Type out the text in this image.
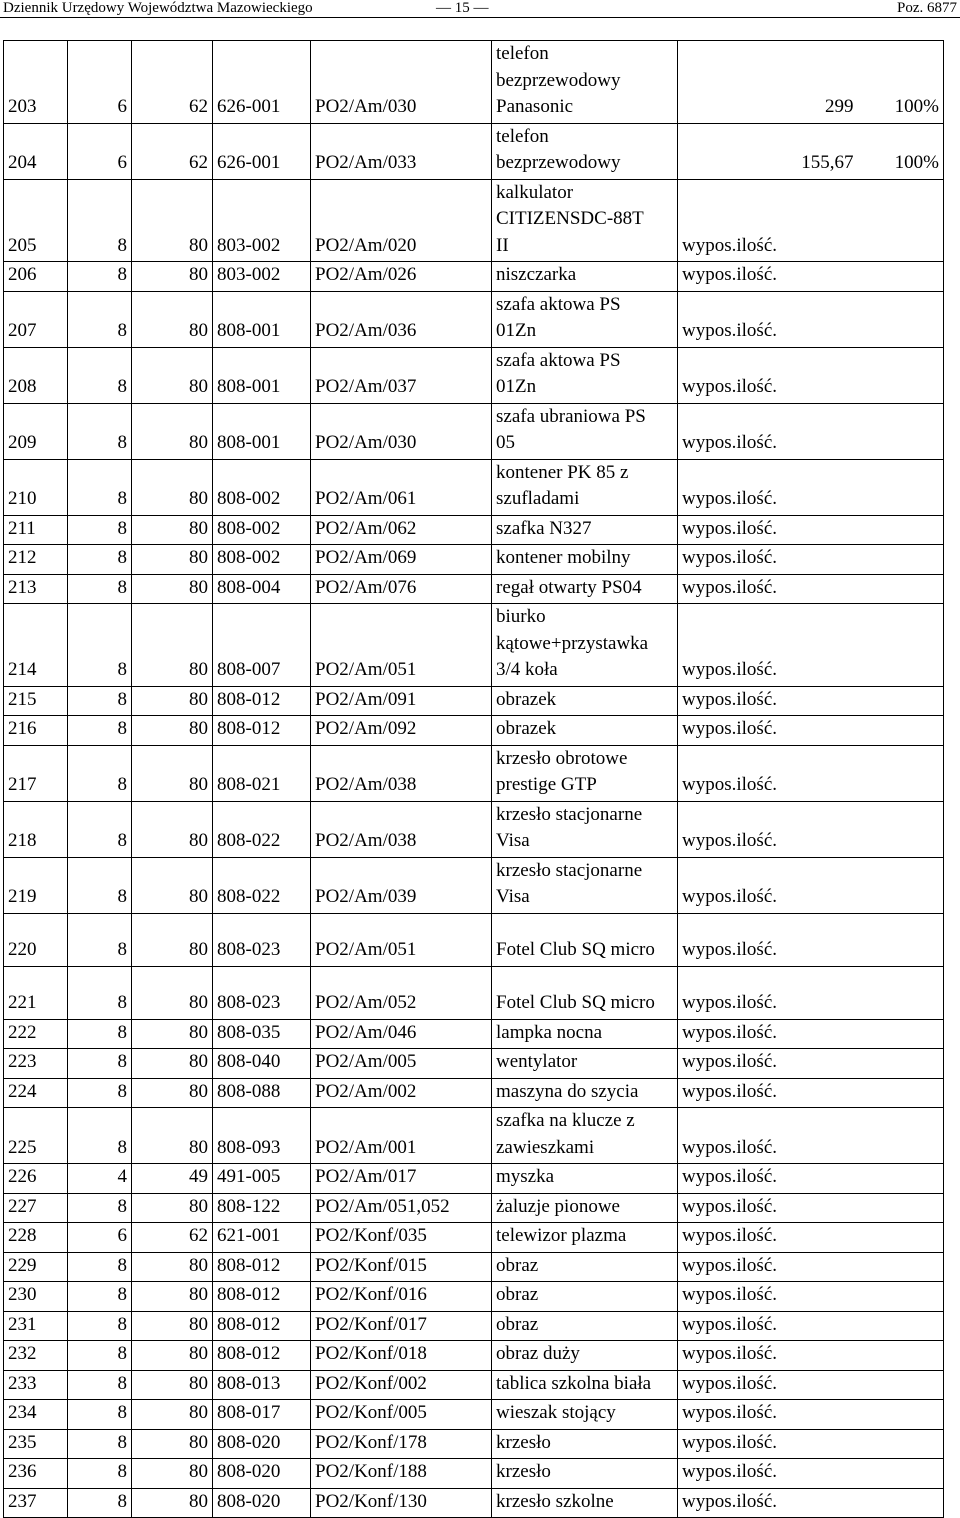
Dziennik Urzędowy Województwa Mazowieckiego	— 15 —	Poz. 6877
203	6	62	626-001	PO2/Am/030	telefon
bezprzewodowy
Panasonic	299 100%

204	6	62	626-001	PO2/Am/033	telefon
bezprzewodowy	155,67 100%

205	8	80	803-002	PO2/Am/020	kalkulator
CITIZENSDC-88T
II	wypos.ilość.

206	8	80	803-002	PO2/Am/026	niszczarka	wypos.ilość.

207	8	80	808-001	PO2/Am/036	szafa aktowa PS
01Zn	wypos.ilość.

208	8	80	808-001	PO2/Am/037	szafa aktowa PS
01Zn	wypos.ilość.

209	8	80	808-001	PO2/Am/030	szafa ubraniowa PS
05	wypos.ilość.

210	8	80	808-002	PO2/Am/061	kontener PK 85 z
szufladami	wypos.ilość.

211	8	80	808-002	PO2/Am/062	szafka N327	wypos.ilość.

212	8	80	808-002	PO2/Am/069	kontener mobilny	wypos.ilość.

213	8	80	808-004	PO2/Am/076	regał otwarty PS04	wypos.ilość.

214	8	80	808-007	PO2/Am/051	biurko
kątowe+przystawka
3/4 koła	wypos.ilość.

215	8	80	808-012	PO2/Am/091	obrazek	wypos.ilość.

216	8	80	808-012	PO2/Am/092	obrazek	wypos.ilość.

217	8	80	808-021	PO2/Am/038	krzesło obrotowe
prestige GTP	wypos.ilość.

218	8	80	808-022	PO2/Am/038	krzesło stacjonarne
Visa	wypos.ilość.

219	8	80	808-022	PO2/Am/039	krzesło stacjonarne
Visa	wypos.ilość.

220	8	80	808-023	PO2/Am/051	Fotel Club SQ micro	wypos.ilość.

221	8	80	808-023	PO2/Am/052	Fotel Club SQ micro	wypos.ilość.

222	8	80	808-035	PO2/Am/046	lampka nocna	wypos.ilość.

223	8	80	808-040	PO2/Am/005	wentylator	wypos.ilość.

224	8	80	808-088	PO2/Am/002	maszyna do szycia	wypos.ilość.

225	8	80	808-093	PO2/Am/001	szafka na klucze z
zawieszkami	wypos.ilość.

226	4	49	491-005	PO2/Am/017	myszka	wypos.ilość.

227	8	80	808-122	PO2/Am/051,052	żaluzje pionowe	wypos.ilość.

228	6	62	621-001	PO2/Konf/035	telewizor plazma	wypos.ilość.

229	8	80	808-012	PO2/Konf/015	obraz	wypos.ilość.

230	8	80	808-012	PO2/Konf/016	obraz	wypos.ilość.

231	8	80	808-012	PO2/Konf/017	obraz	wypos.ilość.

232	8	80	808-012	PO2/Konf/018	obraz duży	wypos.ilość.

233	8	80	808-013	PO2/Konf/002	tablica szkolna biała	wypos.ilość.

234	8	80	808-017	PO2/Konf/005	wieszak stojący	wypos.ilość.

235	8	80	808-020	PO2/Konf/178	krzesło	wypos.ilość.

236	8	80	808-020	PO2/Konf/188	krzesło	wypos.ilość.

237	8	80	808-020	PO2/Konf/130	krzesło szkolne	wypos.ilość.
